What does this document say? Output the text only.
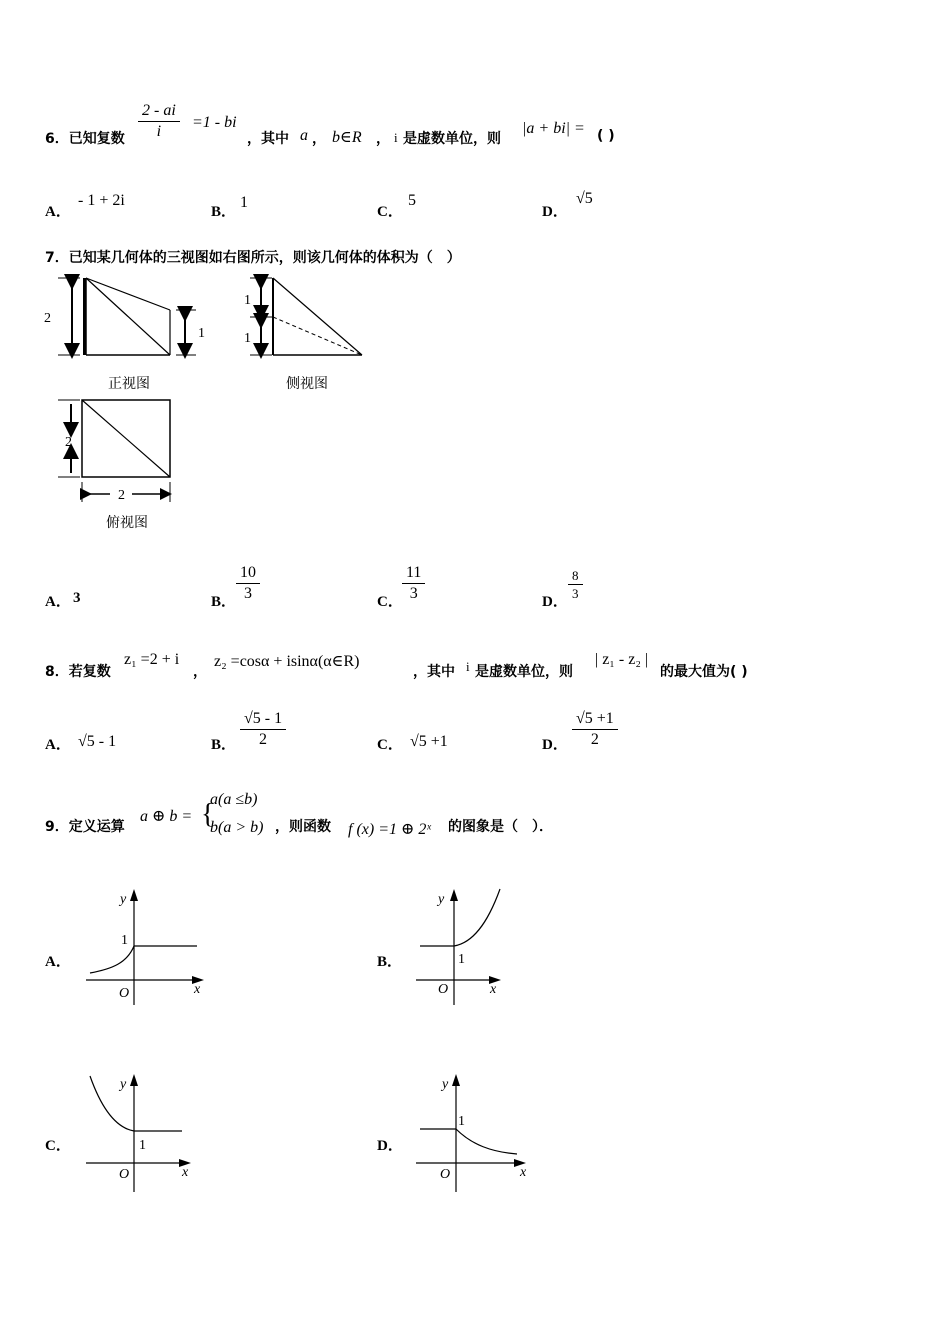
6．已知复数 $\frac{2 - ai}{i} =1$ - bi
，其中 a ， b∈R ， i 是虚数单位，则
|a + bi| = ( )
A．
- 1 + 2i
B．
1
C．
5
D．
√5
7．已知某几何体的三视图如右图所示，则该几何体的体积为（　）
2
1
正视图
1
1
侧视图
2
2
俯视图
A． 3	B． $\frac{10}{3}$	C． $\frac{11}{3}$	D． $\frac{8}{3}$
8．若复数
z₁ =2 + i
，
z₂ =cosα + isinα(α∈R)
，其中 i 是虚数单位，则
| z₁ - z₂ |
的最大值为( )
A． √5 - 1	B． $\frac{√5 - 1}{2}$	C． √5 +1	D． $\frac{√5 +1}{2}$
9．定义运算
a ⊕ b = {
a(a ≤b)
b(a > b) ，则函数 f (x) =1 ⊕ 2ˣ 的图象是（　）．
A．
y
x
O
1
B．
y
x
O
1
C．
y
x
O
1	D．
y
x
O
1
